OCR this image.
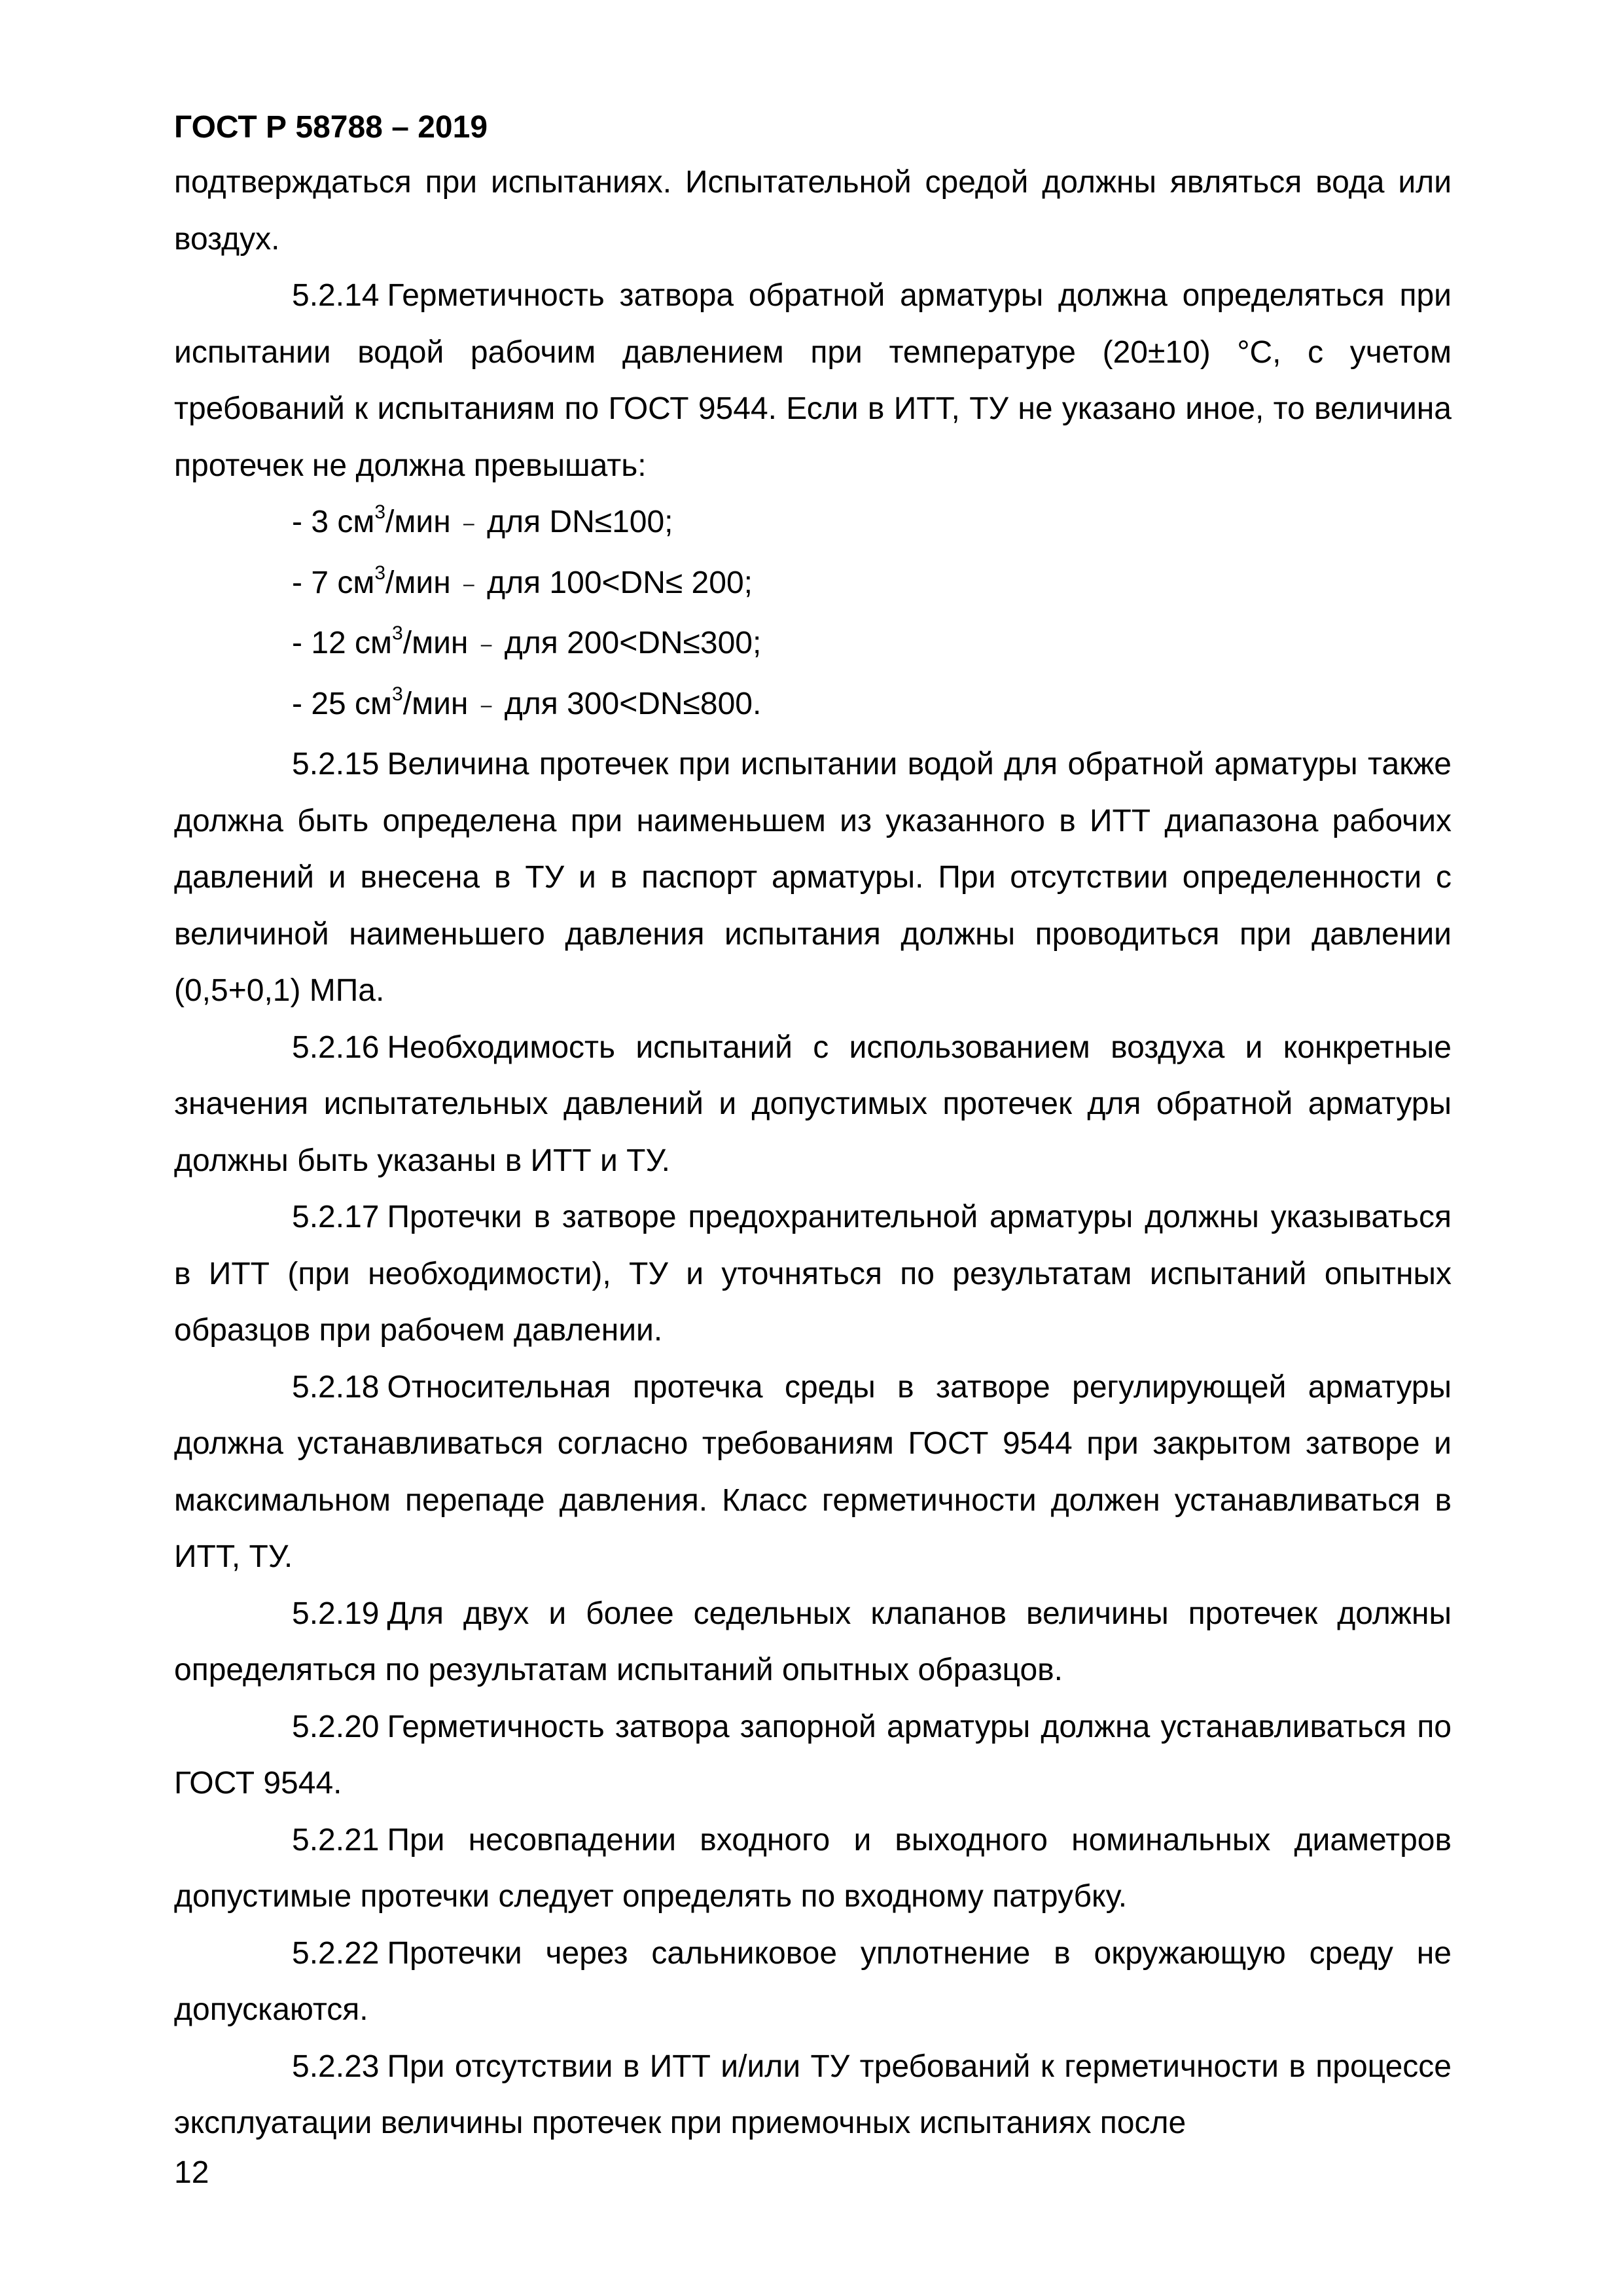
ГОСТ Р 58788 – 2019

подтверждаться при испытаниях. Испытательной средой должны являться вода или воздух.

5.2.14 Герметичность затвора обратной арматуры должна определяться при испытании водой рабочим давлением при температуре (20±10) °С, с учетом требований к испытаниям по ГОСТ 9544. Если в ИТТ, ТУ не указано иное, то величина протечек не должна превышать:

- 3 $см^3$/мин – для DN≤100;

- 7 $см^3$/мин – для 100<DN≤ 200;

- 12 $см^3$/мин – для 200<DN≤300;

- 25 $см^3$/мин – для 300<DN≤800.

5.2.15 Величина протечек при испытании водой для обратной арматуры также должна быть определена при наименьшем из указанного в ИТТ диапазона рабочих давлений и внесена в ТУ и в паспорт арматуры. При отсутствии определенности с величиной наименьшего давления испытания должны проводиться при давлении (0,5+0,1) МПа.

5.2.16 Необходимость испытаний с использованием воздуха и конкретные значения испытательных давлений и допустимых протечек для обратной арматуры должны быть указаны в ИТТ и ТУ.

5.2.17 Протечки в затворе предохранительной арматуры должны указываться в ИТТ (при необходимости), ТУ и уточняться по результатам испытаний опытных образцов при рабочем давлении.

5.2.18 Относительная протечка среды в затворе регулирующей арматуры должна устанавливаться согласно требованиям ГОСТ 9544 при закрытом затворе и максимальном перепаде давления. Класс герметичности должен устанавливаться в ИТТ, ТУ.

5.2.19 Для двух и более седельных клапанов величины протечек должны определяться по результатам испытаний опытных образцов.

5.2.20 Герметичность затвора запорной арматуры должна устанавливаться по ГОСТ 9544.

5.2.21 При несовпадении входного и выходного номинальных диаметров допустимые протечки следует определять по входному патрубку.

5.2.22 Протечки через сальниковое уплотнение в окружающую среду не допускаются.

5.2.23 При отсутствии в ИТТ и/или ТУ требований к герметичности в процессе эксплуатации величины протечек при приемочных испытаниях после

12
